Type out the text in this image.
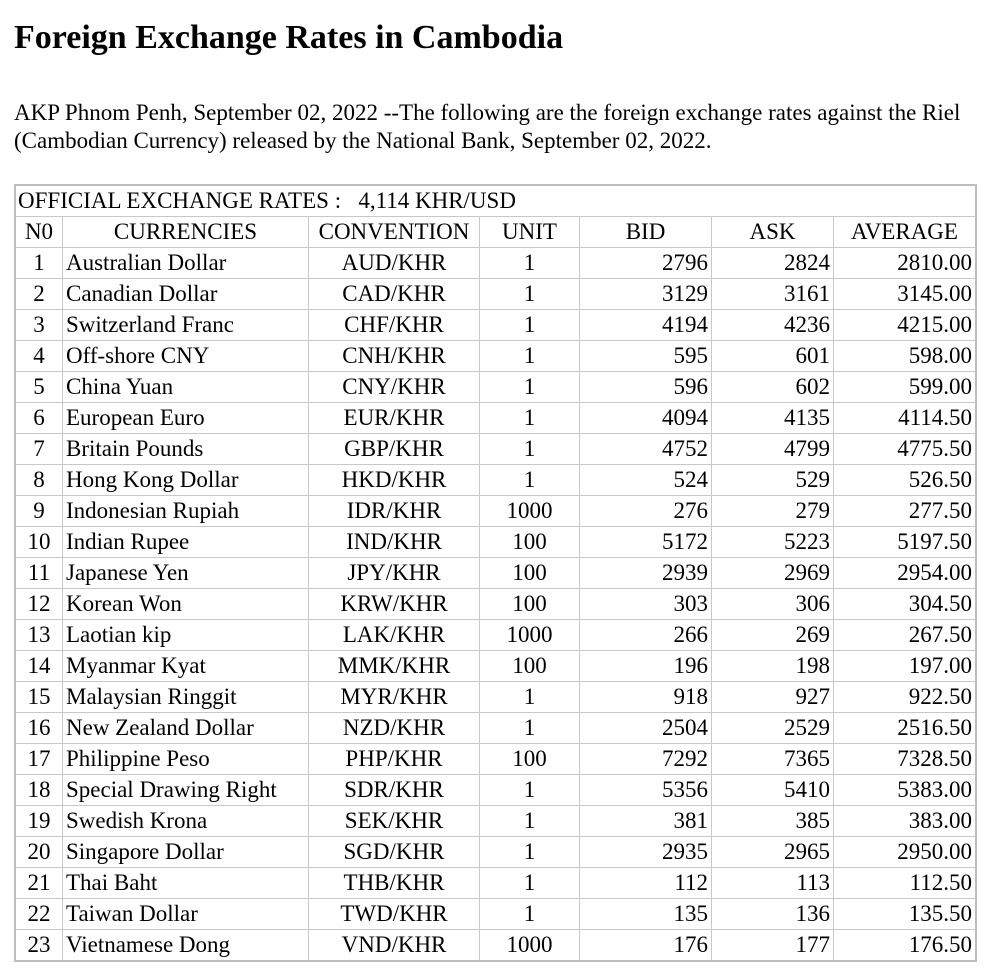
Foreign Exchange Rates in Cambodia

AKP Phnom Penh, September 02, 2022 --The following are the foreign exchange rates against the Riel (Cambodian Currency) released by the National Bank, September 02, 2022.

OFFICIAL EXCHANGE RATES : 4,114 KHR/USD						
N0	CURRENCIES	CONVENTION	UNIT	BID	ASK	AVERAGE
1	Australian Dollar	AUD/KHR	1	2796	2824	2810.00
2	Canadian Dollar	CAD/KHR	1	3129	3161	3145.00
3	Switzerland Franc	CHF/KHR	1	4194	4236	4215.00
4	Off-shore CNY	CNH/KHR	1	595	601	598.00
5	China Yuan	CNY/KHR	1	596	602	599.00
6	European Euro	EUR/KHR	1	4094	4135	4114.50
7	Britain Pounds	GBP/KHR	1	4752	4799	4775.50
8	Hong Kong Dollar	HKD/KHR	1	524	529	526.50
9	Indonesian Rupiah	IDR/KHR	1000	276	279	277.50
10	Indian Rupee	IND/KHR	100	5172	5223	5197.50
11	Japanese Yen	JPY/KHR	100	2939	2969	2954.00
12	Korean Won	KRW/KHR	100	303	306	304.50
13	Laotian kip	LAK/KHR	1000	266	269	267.50
14	Myanmar Kyat	MMK/KHR	100	196	198	197.00
15	Malaysian Ringgit	MYR/KHR	1	918	927	922.50
16	New Zealand Dollar	NZD/KHR	1	2504	2529	2516.50
17	Philippine Peso	PHP/KHR	100	7292	7365	7328.50
18	Special Drawing Right	SDR/KHR	1	5356	5410	5383.00
19	Swedish Krona	SEK/KHR	1	381	385	383.00
20	Singapore Dollar	SGD/KHR	1	2935	2965	2950.00
21	Thai Baht	THB/KHR	1	112	113	112.50
22	Taiwan Dollar	TWD/KHR	1	135	136	135.50
23	Vietnamese Dong	VND/KHR	1000	176	177	176.50
